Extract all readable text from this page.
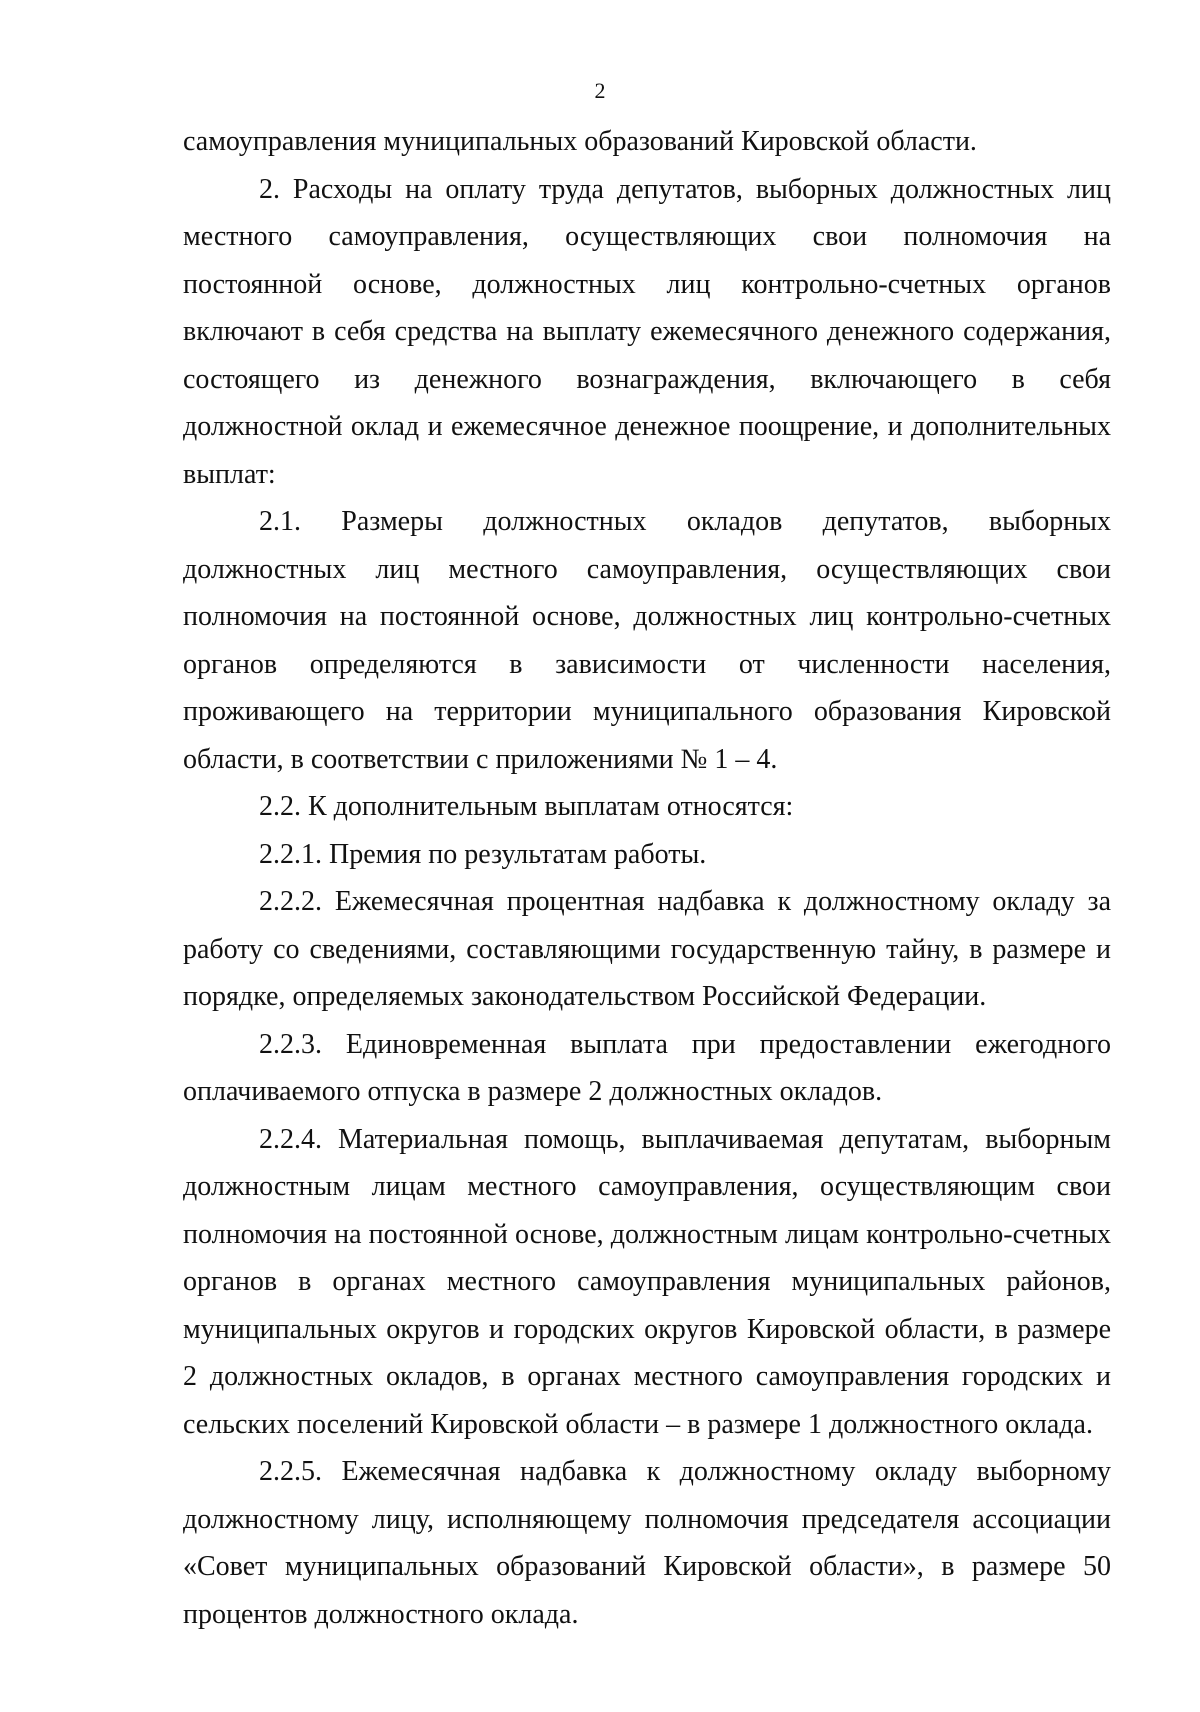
2

самоуправления муниципальных образований Кировской области.

2. Расходы на оплату труда депутатов, выборных должностных лиц местного самоуправления, осуществляющих свои полномочия на постоянной основе, должностных лиц контрольно-счетных органов включают в себя средства на выплату ежемесячного денежного содержания, состоящего из денежного вознаграждения, включающего в себя должностной оклад и ежемесячное денежное поощрение, и дополнительных выплат:

2.1. Размеры должностных окладов депутатов, выборных должностных лиц местного самоуправления, осуществляющих свои полномочия на постоянной основе, должностных лиц контрольно-счетных органов определяются в зависимости от численности населения, проживающего на территории муниципального образования Кировской области, в соответствии с приложениями № 1 – 4.

2.2. К дополнительным выплатам относятся:

2.2.1. Премия по результатам работы.

2.2.2. Ежемесячная процентная надбавка к должностному окладу за работу со сведениями, составляющими государственную тайну, в размере и порядке, определяемых законодательством Российской Федерации.

2.2.3. Единовременная выплата при предоставлении ежегодного оплачиваемого отпуска в размере 2 должностных окладов.

2.2.4. Материальная помощь, выплачиваемая депутатам, выборным должностным лицам местного самоуправления, осуществляющим свои полномочия на постоянной основе, должностным лицам контрольно-счетных органов в органах местного самоуправления муниципальных районов, муниципальных округов и городских округов Кировской области, в размере 2 должностных окладов, в органах местного самоуправления городских и сельских поселений Кировской области – в размере 1 должностного оклада.

2.2.5. Ежемесячная надбавка к должностному окладу выборному должностному лицу, исполняющему полномочия председателя ассоциации «Совет муниципальных образований Кировской области», в размере 50 процентов должностного оклада.
